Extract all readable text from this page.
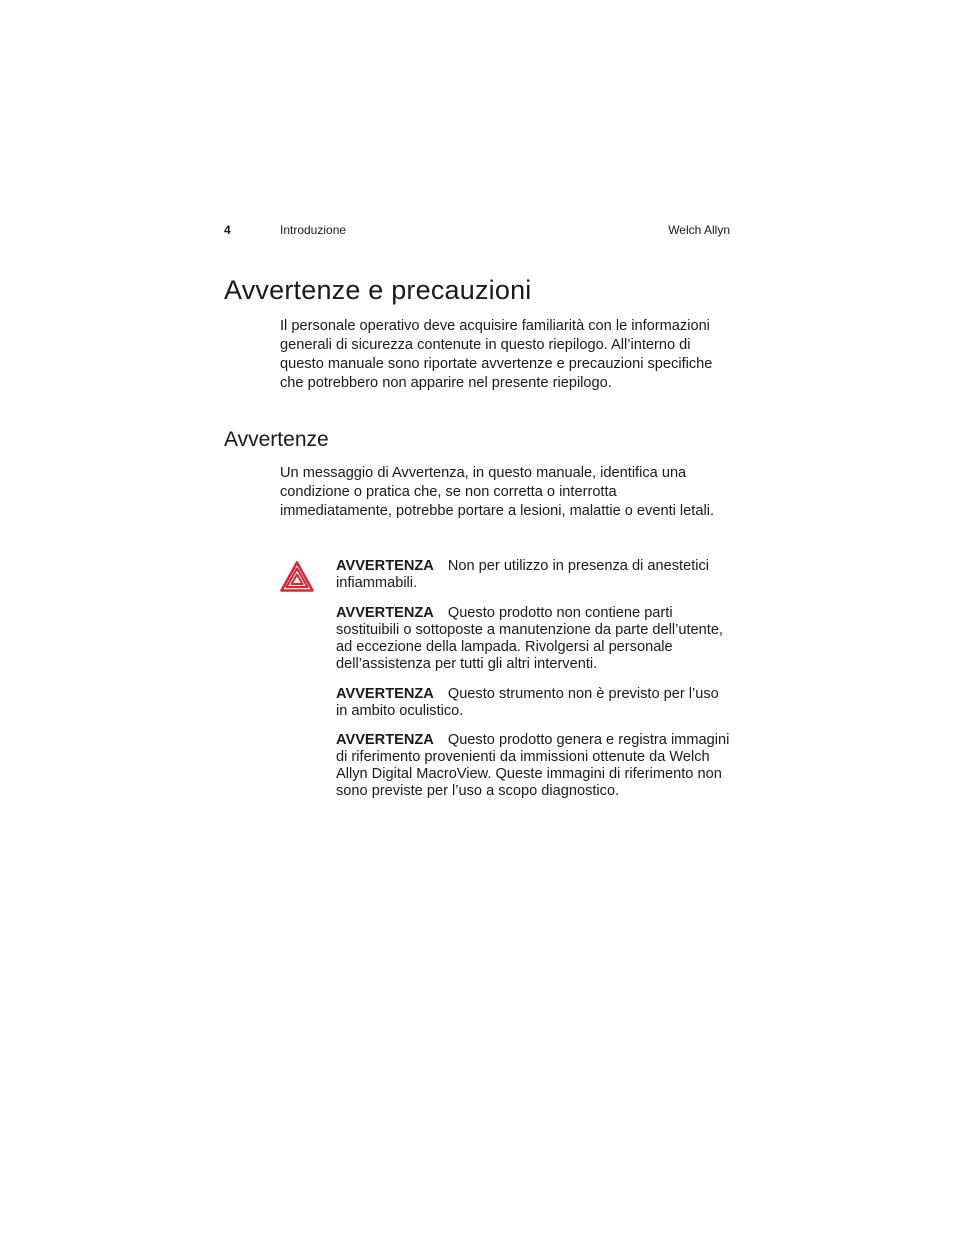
4	Introduzione	Welch Allyn
Avvertenze e precauzioni

Il personale operativo deve acquisire familiarità con le informazioni generali di sicurezza contenute in questo riepilogo. All’interno di questo manuale sono riportate avvertenze e precauzioni specifiche che potrebbero non apparire nel presente riepilogo.

Avvertenze

Un messaggio di Avvertenza, in questo manuale, identifica una condizione o pratica che, se non corretta o interrotta immediatamente, potrebbe portare a lesioni, malattie o eventi letali.

AVVERTENZA Non per utilizzo in presenza di anestetici infiammabili.

AVVERTENZA Questo prodotto non contiene parti sostituibili o sottoposte a manutenzione da parte dell’utente, ad eccezione della lampada. Rivolgersi al personale dell’assistenza per tutti gli altri interventi.

AVVERTENZA Questo strumento non è previsto per l’uso in ambito oculistico.

AVVERTENZA Questo prodotto genera e registra immagini di riferimento provenienti da immissioni ottenute da Welch Allyn Digital MacroView. Queste immagini di riferimento non sono previste per l’uso a scopo diagnostico.
